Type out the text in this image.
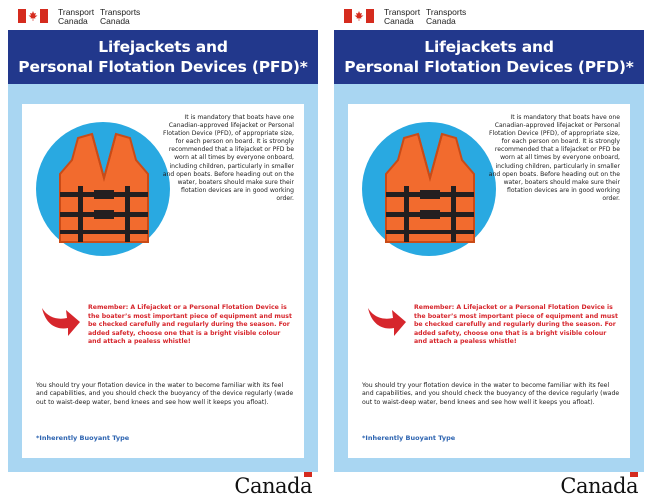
Transport
Canada
Transports
Canada
Lifejackets and
Personal Flotation Devices (PFD)*
It is mandatory that boats have one Canadian-approved lifejacket or Personal Flotation Device (PFD), of appropriate size, for each person on board. It is strongly recommended that a lifejacket or PFD be worn at all times by everyone onboard, including children, particularly in smaller and open boats. Before heading out on the water, boaters should make sure their flotation devices are in good working order.
Remember: A Lifejacket or a Personal Flotation Device is the boater’s most important piece of equipment and must be checked carefully and regularly during the season. For added safety, choose one that is a bright visible colour and attach a pealess whistle!
You should try your flotation device in the water to become familiar with its feel and capabilities, and you should check the buoyancy of the device regularly (wade out to waist-deep water, bend knees and see how well it keeps you afloat).
*Inherently Buoyant Type
Canada
Transport
Canada
Transports
Canada
Lifejackets and
Personal Flotation Devices (PFD)*
It is mandatory that boats have one Canadian-approved lifejacket or Personal Flotation Device (PFD), of appropriate size, for each person on board. It is strongly recommended that a lifejacket or PFD be worn at all times by everyone onboard, including children, particularly in smaller and open boats. Before heading out on the water, boaters should make sure their flotation devices are in good working order.
Remember: A Lifejacket or a Personal Flotation Device is the boater’s most important piece of equipment and must be checked carefully and regularly during the season. For added safety, choose one that is a bright visible colour and attach a pealess whistle!
You should try your flotation device in the water to become familiar with its feel and capabilities, and you should check the buoyancy of the device regularly (wade out to waist-deep water, bend knees and see how well it keeps you afloat).
*Inherently Buoyant Type
Canada
